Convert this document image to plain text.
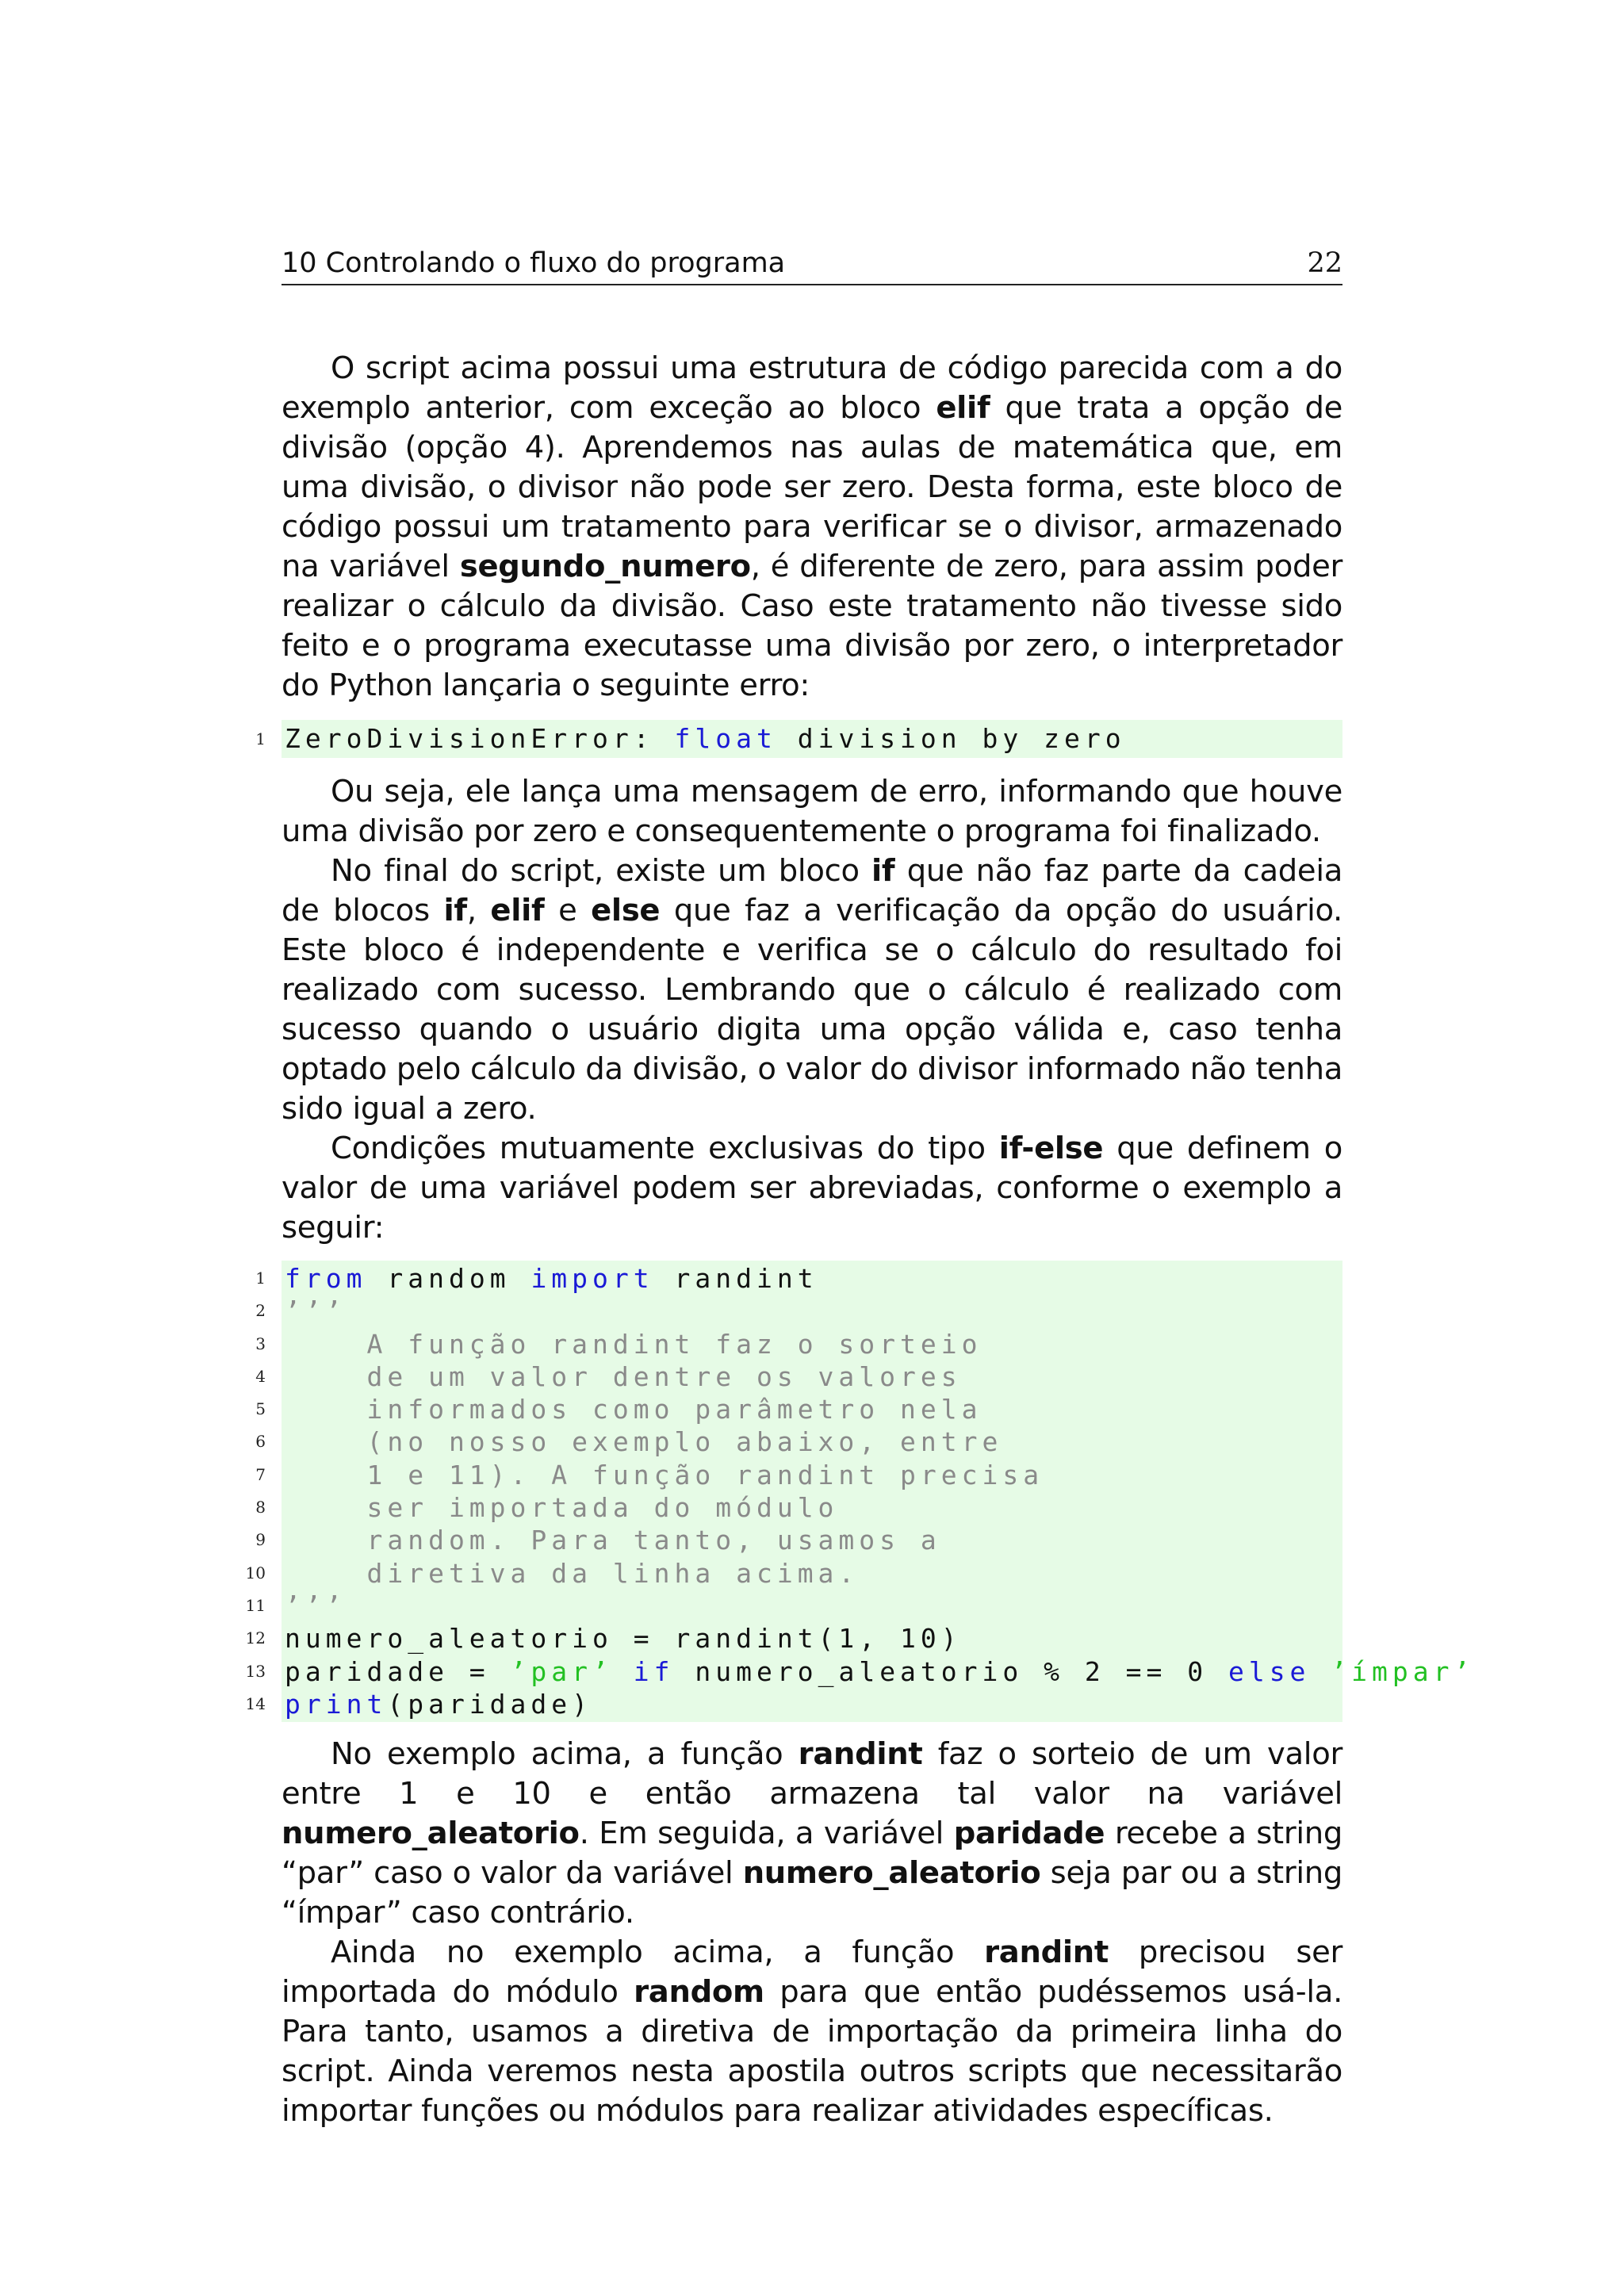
10 Controlando o fluxo do programa	22

O script acima possui uma estrutura de código parecida com a do exemplo anterior, com exceção ao bloco elif que trata a opção de divisão (opção 4). Aprendemos nas aulas de matemática que, em uma divisão, o divisor não pode ser zero. Desta forma, este bloco de código possui um tratamento para verificar se o divisor, armazenado na variável segundo_numero, é diferente de zero, para assim poder realizar o cálculo da divisão. Caso este tratamento não tivesse sido feito e o programa executasse uma divisão por zero, o interpretador do Python lançaria o seguinte erro:

1 ZeroDivisionError: float division by zero

Ou seja, ele lança uma mensagem de erro, informando que houve uma divisão por zero e consequentemente o programa foi finalizado.

No final do script, existe um bloco if que não faz parte da cadeia de blocos if, elif e else que faz a verificação da opção do usuário. Este bloco é independente e verifica se o cálculo do resultado foi realizado com sucesso. Lembrando que o cálculo é realizado com sucesso quando o usuário digita uma opção válida e, caso tenha optado pelo cálculo da divisão, o valor do divisor informado não tenha sido igual a zero.

Condições mutuamente exclusivas do tipo if-else que definem o valor de uma variável podem ser abreviadas, conforme o exemplo a seguir:

1 from random import randint
2 ’’’
3 A função randint faz o sorteio
4 de um valor dentre os valores
5 informados como parâmetro nela
6 (no nosso exemplo abaixo, entre
7 1 e 11). A função randint precisa
8 ser importada do módulo
9 random. Para tanto, usamos a
10 diretiva da linha acima.
11 ’’’
12 numero_aleatorio = randint(1, 10)
13 paridade = ’par’ if numero_aleatorio % 2 == 0 else ’ímpar’
14 print(paridade)

No exemplo acima, a função randint faz o sorteio de um valor entre 1 e 10 e então armazena tal valor na variável numero_aleatorio. Em seguida, a variável paridade recebe a string “par” caso o valor da variável numero_aleatorio seja par ou a string “ímpar” caso contrário.

Ainda no exemplo acima, a função randint precisou ser importada do módulo random para que então pudéssemos usá-la. Para tanto, usamos a diretiva de importação da primeira linha do script. Ainda veremos nesta apostila outros scripts que necessitarão importar funções ou módulos para realizar atividades específicas.
